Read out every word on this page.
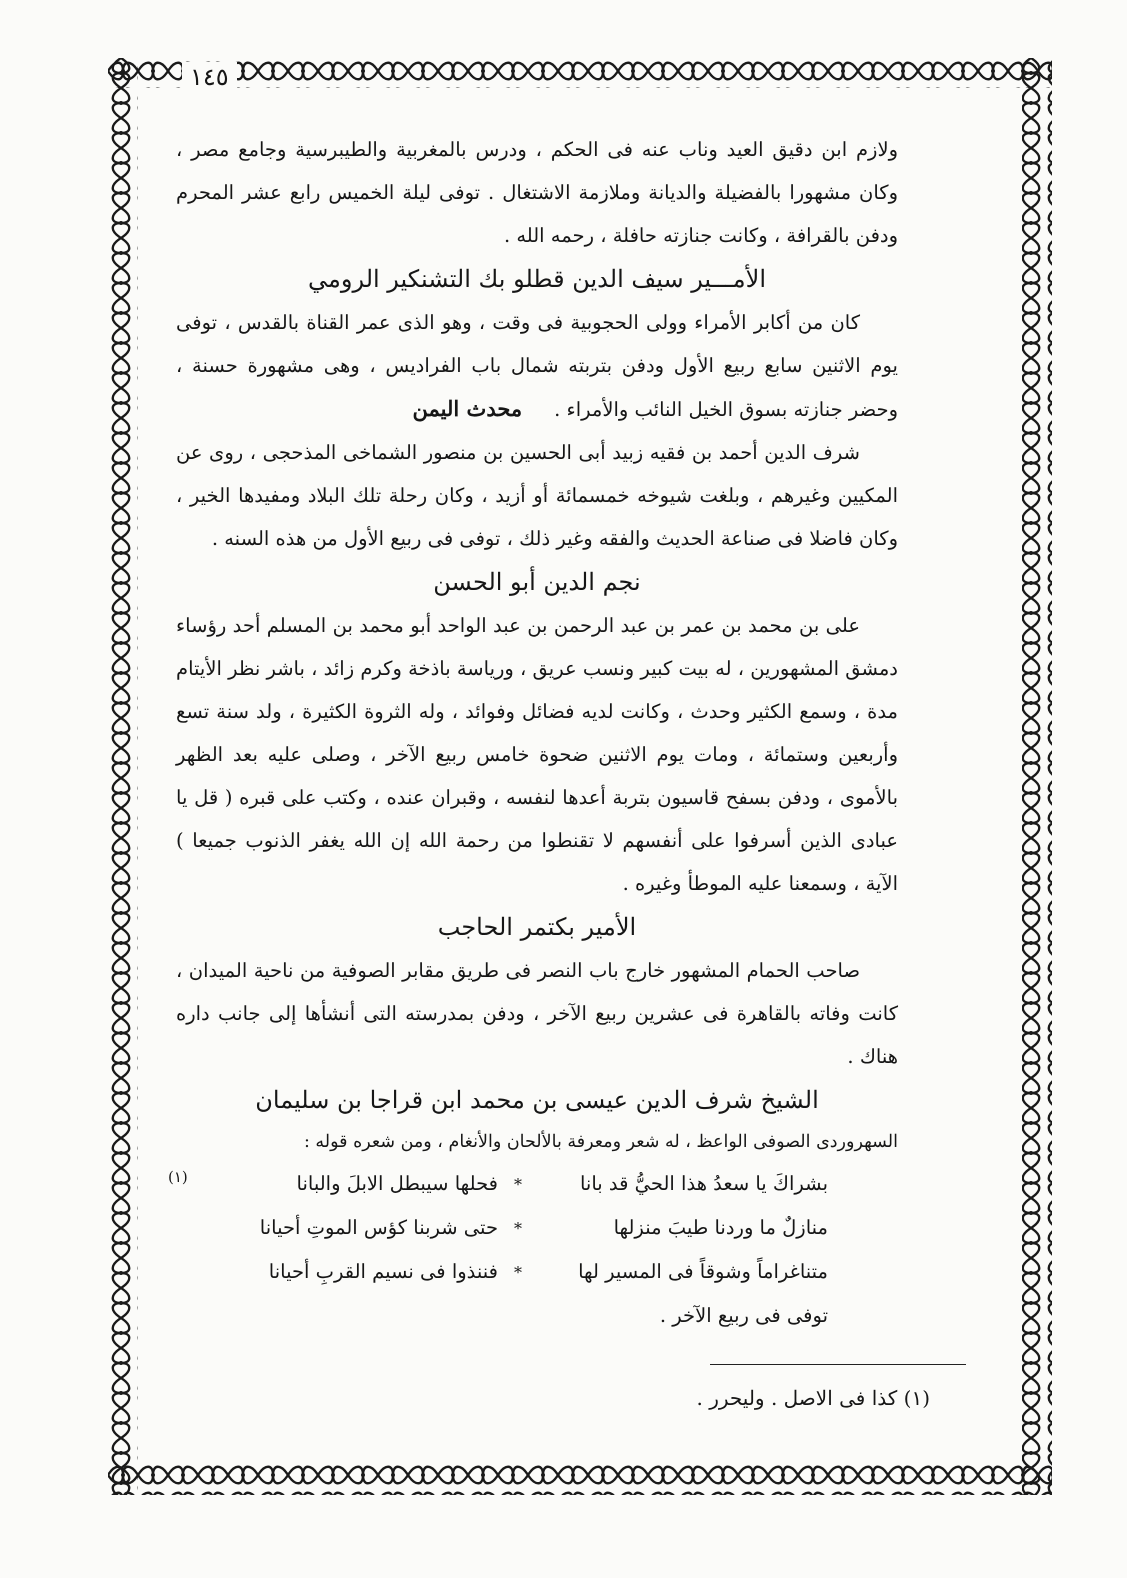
١٤٥

ولازم ابن دقيق العيد وناب عنه فى الحكم ، ودرس بالمغربية والطيبرسية وجامع مصر ، وكان مشهورا بالفضيلة والديانة وملازمة الاشتغال . توفى ليلة الخميس رابع عشر المحرم ودفن بالقرافة ، وكانت جنازته حافلة ، رحمه الله .

الأمـــير سيف الدين قطلو بك التشنكير الرومي

كان من أكابر الأمراء وولى الحجوبية فى وقت ، وهو الذى عمر القناة بالقدس ، توفى يوم الاثنين سابع ربيع الأول ودفن بتربته شمال باب الفراديس ، وهى مشهورة حسنة ، وحضر جنازته بسوق الخيل النائب والأمراء .محدث اليمن

شرف الدين أحمد بن فقيه زبيد أبى الحسين بن منصور الشماخى المذحجى ، روى عن المكيين وغيرهم ، وبلغت شيوخه خمسمائة أو أزيد ، وكان رحلة تلك البلاد ومفيدها الخير ، وكان فاضلا فى صناعة الحديث والفقه وغير ذلك ، توفى فى ربيع الأول من هذه السنه .

نجم الدين أبو الحسن

على بن محمد بن عمر بن عبد الرحمن بن عبد الواحد أبو محمد بن المسلم أحد رؤساء دمشق المشهورين ، له بيت كبير ونسب عريق ، ورياسة باذخة وكرم زائد ، باشر نظر الأيتام مدة ، وسمع الكثير وحدث ، وكانت لديه فضائل وفوائد ، وله الثروة الكثيرة ، ولد سنة تسع وأربعين وستمائة ، ومات يوم الاثنين ضحوة خامس ربيع الآخر ، وصلى عليه بعد الظهر بالأموى ، ودفن بسفح قاسيون بتربة أعدها لنفسه ، وقبران عنده ، وكتب على قبره ( قل يا عبادى الذين أسرفوا على أنفسهم لا تقنطوا من رحمة الله إن الله يغفر الذنوب جميعا ) الآية ، وسمعنا عليه الموطأ وغيره .

الأمير بكتمر الحاجب

صاحب الحمام المشهور خارج باب النصر فى طريق مقابر الصوفية من ناحية الميدان ، كانت وفاته بالقاهرة فى عشرين ربيع الآخر ، ودفن بمدرسته التى أنشأها إلى جانب داره هناك .

الشيخ شرف الدين عيسى بن محمد ابن قراجا بن سليمان

السهروردى الصوفى الواعظ ، له شعر ومعرفة بالألحان والأنغام ، ومن شعره قوله :

بشراكَ يا سعدُ هذا الحيُّ قد بانا
*
فحلها سيبطل الابلَ والبانا
(١)
منازلٌ ما وردنا طيبَ منزلها
*
حتى شربنا كؤس الموتِ أحيانا
متناغراماً وشوقاً فى المسير لها
*
فننذوا فى نسيم القربِ أحيانا

توفى فى ربيع الآخر .

(١) كذا فى الاصل . وليحرر .
